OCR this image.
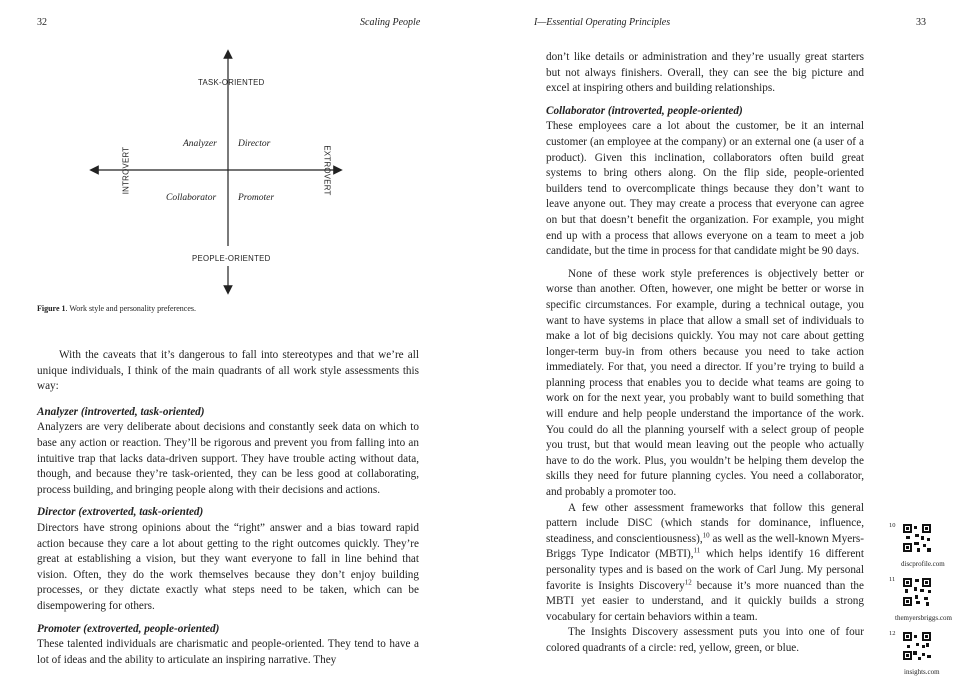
32	Scaling People
TASK-ORIENTED
PEOPLE-ORIENTED
INTROVERT	EXTROVERT
Analyzer Director
Collaborator Promoter
Figure 1. Work style and personality preferences.

With the caveats that it’s dangerous to fall into stereotypes and that we’re all unique individuals, I think of the main quadrants of all work style assessments this way:

Analyzer (introverted, task-oriented)

Analyzers are very deliberate about decisions and constantly seek data on which to base any action or reaction. They’ll be rigorous and prevent you from falling into an intuitive trap that lacks data-driven support. They have trouble acting without data, though, and because they’re task-oriented, they can be less good at collaborating, process building, and bringing people along with their decisions and actions.

Director (extroverted, task-oriented)

Directors have strong opinions about the “right” answer and a bias toward rapid action because they care a lot about getting to the right outcomes quickly. They’re great at establishing a vision, but they want everyone to fall in line behind that vision. Often, they do the work themselves because they don’t enjoy building processes, or they dictate exactly what steps need to be taken, which can be disempowering for others.

Promoter (extroverted, people-oriented)

These talented individuals are charismatic and people-oriented. They tend to have a lot of ideas and the ability to articulate an inspiring narrative. They

I—Essential Operating Principles	33

don’t like details or administration and they’re usually great starters but not always finishers. Overall, they can see the big picture and excel at inspiring others and building relationships.

Collaborator (introverted, people-oriented)

These employees care a lot about the customer, be it an internal customer (an employee at the company) or an external one (a user of a product). Given this inclination, collaborators often build great systems to bring others along. On the flip side, people-oriented builders tend to overcomplicate things because they don’t want to leave anyone out. They may create a process that everyone can agree on but that doesn’t benefit the organization. For example, you might end up with a process that allows everyone on a team to meet a job candidate, but the time in process for that candidate might be 90 days.

None of these work style preferences is objectively better or worse than another. Often, however, one might be better or worse in specific circumstances. For example, during a technical outage, you want to have systems in place that allow a small set of individuals to make a lot of big decisions quickly. You may not care about getting longer-term buy-in from others because you need to take action immediately. For that, you need a director. If you’re trying to build a planning process that enables you to decide what teams are going to work on for the next year, you probably want to build something that will endure and help people understand the importance of the work. You could do all the planning yourself with a select group of people you trust, but that would mean leaving out the people who actually have to do the work. Plus, you wouldn’t be helping them develop the skills they need for future planning cycles. You need a collaborator, and probably a promoter too.

A few other assessment frameworks that follow this general pattern include DiSC (which stands for dominance, influence, steadiness, and conscientiousness),$^{10}$ as well as the well-known Myers-Briggs Type Indicator (MBTI),$^{11}$ which helps identify 16 different personality types and is based on the work of Carl Jung. My personal favorite is Insights Discovery$^{12}$ because it’s more nuanced than the MBTI yet easier to understand, and it quickly builds a strong vocabulary for certain behaviors within a team.

The Insights Discovery assessment puts you into one of four colored quadrants of a circle: red, yellow, green, or blue.

10
discprofile.com
11
themyersbriggs.com
12
insights.com
